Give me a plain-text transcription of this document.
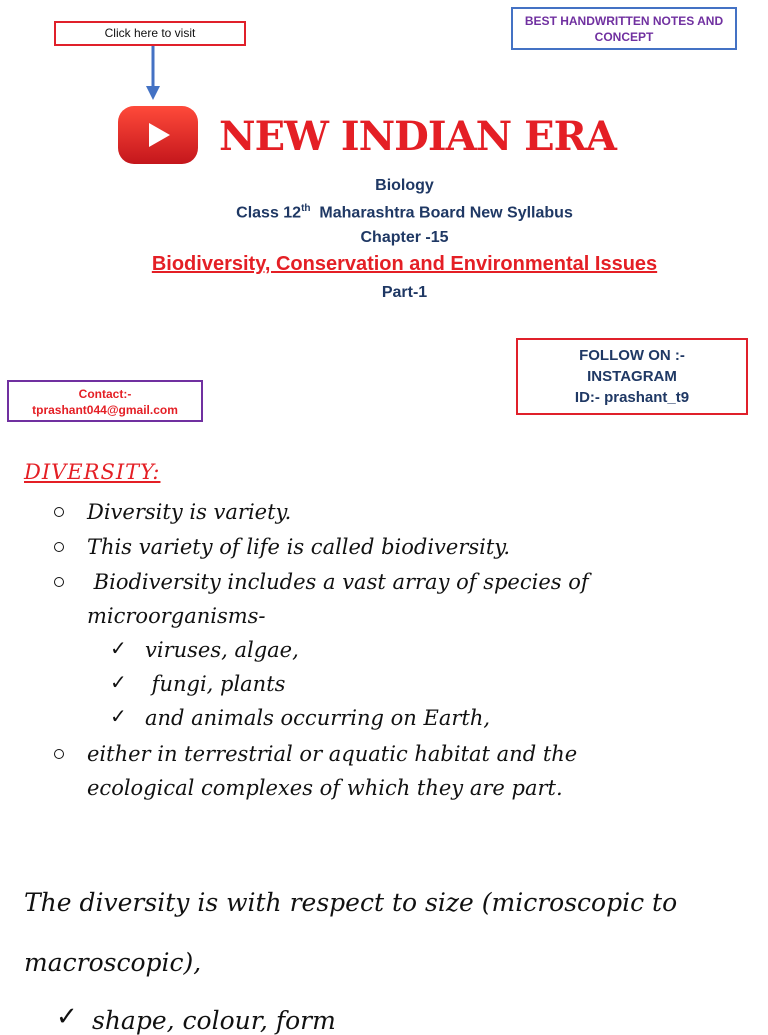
Click here to visit
BEST HANDWRITTEN NOTES AND
CONCEPT
NEW INDIAN ERA
Biology
Class 12th  Maharashtra Board New Syllabus
Chapter -15
Biodiversity, Conservation and Environmental Issues
Part-1
FOLLOW ON :-
INSTAGRAM
ID:- prashant_t9
Contact:-
tprashant044@gmail.com
DIVERSITY:
Diversity is variety.
This variety of life is called biodiversity.
Biodiversity includes a vast array of species of
microorganisms-
✓ viruses, algae,
✓ fungi, plants
✓ and animals occurring on Earth,
either in terrestrial or aquatic habitat and the
ecological complexes of which they are part.
The diversity is with respect to size (microscopic to
macroscopic),
✓ shape, colour, form
